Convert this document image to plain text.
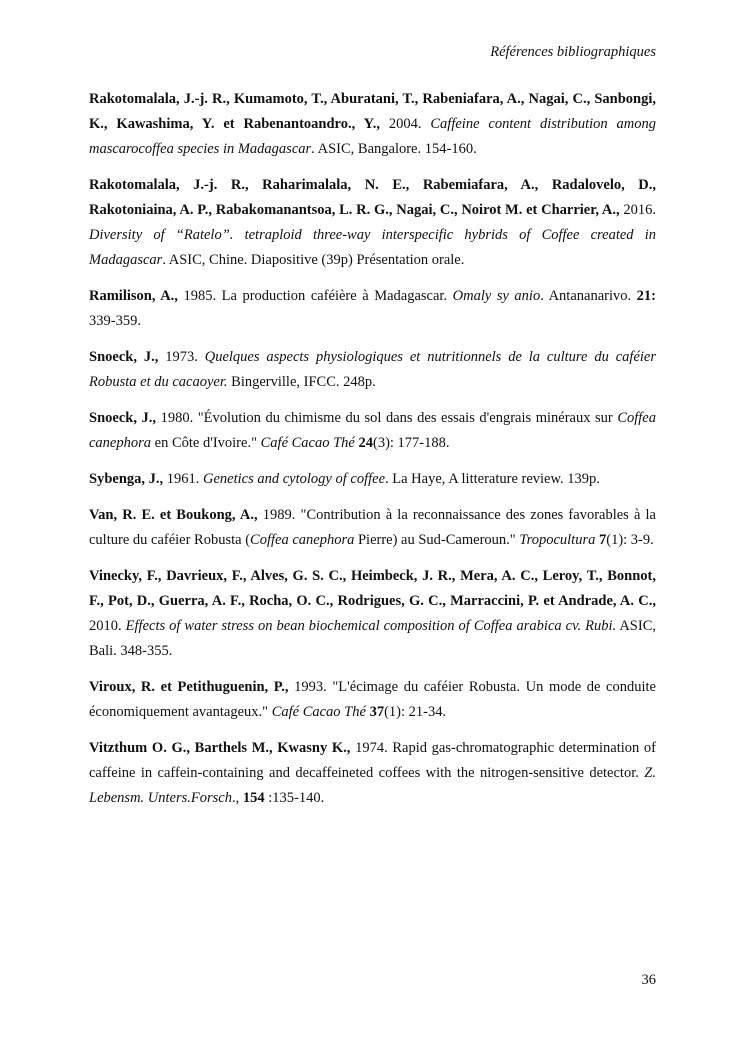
Références bibliographiques

Rakotomalala, J.-j. R., Kumamoto, T., Aburatani, T., Rabeniafara, A., Nagai, C., Sanbongi, K., Kawashima, Y. et Rabenantoandro., Y., 2004. Caffeine content distribution among mascarocoffea species in Madagascar. ASIC, Bangalore. 154-160.

Rakotomalala, J.-j. R., Raharimalala, N. E., Rabemiafara, A., Radalovelo, D., Rakotoniaina, A. P., Rabakomanantsoa, L. R. G., Nagai, C., Noirot M. et Charrier, A., 2016. Diversity of “Ratelo”. tetraploid three-way interspecific hybrids of Coffee created in Madagascar. ASIC, Chine. Diapositive (39p) Présentation orale.

Ramilison, A., 1985. La production caféière à Madagascar. Omaly sy anio. Antananarivo. 21: 339-359.

Snoeck, J., 1973. Quelques aspects physiologiques et nutritionnels de la culture du caféier Robusta et du cacaoyer. Bingerville, IFCC. 248p.

Snoeck, J., 1980. "Évolution du chimisme du sol dans des essais d'engrais minéraux sur Coffea canephora en Côte d'Ivoire." Café Cacao Thé 24(3): 177-188.

Sybenga, J., 1961. Genetics and cytology of coffee. La Haye, A litterature review. 139p.

Van, R. E. et Boukong, A., 1989. "Contribution à la reconnaissance des zones favorables à la culture du caféier Robusta (Coffea canephora Pierre) au Sud-Cameroun." Tropocultura 7(1): 3-9.

Vinecky, F., Davrieux, F., Alves, G. S. C., Heimbeck, J. R., Mera, A. C., Leroy, T., Bonnot, F., Pot, D., Guerra, A. F., Rocha, O. C., Rodrigues, G. C., Marraccini, P. et Andrade, A. C., 2010. Effects of water stress on bean biochemical composition of Coffea arabica cv. Rubi. ASIC, Bali. 348-355.

Viroux, R. et Petithuguenin, P., 1993. "L'écimage du caféier Robusta. Un mode de conduite économiquement avantageux." Café Cacao Thé 37(1): 21-34.

Vitzthum O. G., Barthels M., Kwasny K., 1974. Rapid gas-chromatographic determination of caffeine in caffein-containing and decaffeineted coffees with the nitrogen-sensitive detector. Z. Lebensm. Unters.Forsch., 154 :135-140.

36
